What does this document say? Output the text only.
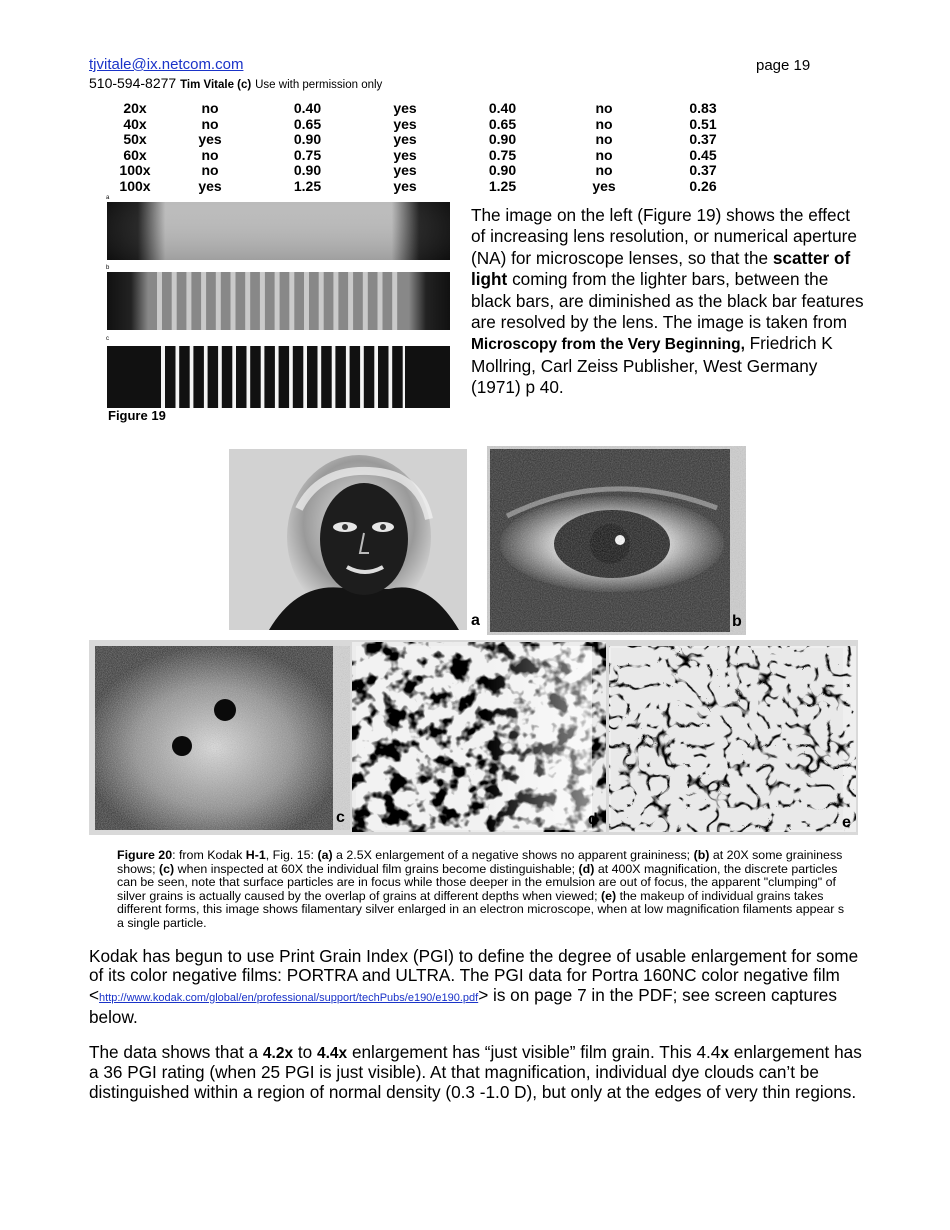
tjvitale@ix.netcom.com	page 19
510-594-8277 Tim Vitale (c) Use with permission only
20x	no	0.40	yes	0.40	no	0.83
40x	no	0.65	yes	0.65	no	0.51
50x	yes	0.90	yes	0.90	no	0.37
60x	no	0.75	yes	0.75	no	0.45
100x	no	0.90	yes	0.90	no	0.37
100x	yes	1.25	yes	1.25	yes	0.26
a
b
c
Figure 19
The image on the left (Figure 19) shows the effect of increasing lens resolution, or numerical aperture (NA) for microscope lenses, so that the scatter of light coming from the lighter bars, between the black bars, are diminished as the black bar features are resolved by the lens. The image is taken from Microscopy from the Very Beginning, Friedrich K Mollring, Carl Zeiss Publisher, West Germany (1971) p 40.
a	b
c	d	e
Figure 20: from Kodak H-1, Fig. 15: (a) a 2.5X enlargement of a negative shows no apparent graininess; (b) at 20X some graininess shows; (c) when inspected at 60X the individual film grains become distinguishable; (d) at 400X magnification, the discrete particles can be seen, note that surface particles are in focus while those deeper in the emulsion are out of focus, the apparent "clumping" of silver grains is actually caused by the overlap of grains at different depths when viewed; (e) the makeup of individual grains takes different forms, this image shows filamentary silver enlarged in an electron microscope, when at low magnification filaments appear s a single particle.
Kodak has begun to use Print Grain Index (PGI) to define the degree of usable enlargement for some of its color negative films: PORTRA and ULTRA. The PGI data for Portra 160NC color negative film <http://www.kodak.com/global/en/professional/support/techPubs/e190/e190.pdf> is on page 7 in the PDF; see screen captures below.
The data shows that a 4.2x to 4.4x enlargement has “just visible” film grain. This 4.4x enlargement has a 36 PGI rating (when 25 PGI is just visible). At that magnification, individual dye clouds can’t be distinguished within a region of normal density (0.3 -1.0 D), but only at the edges of very thin regions.
